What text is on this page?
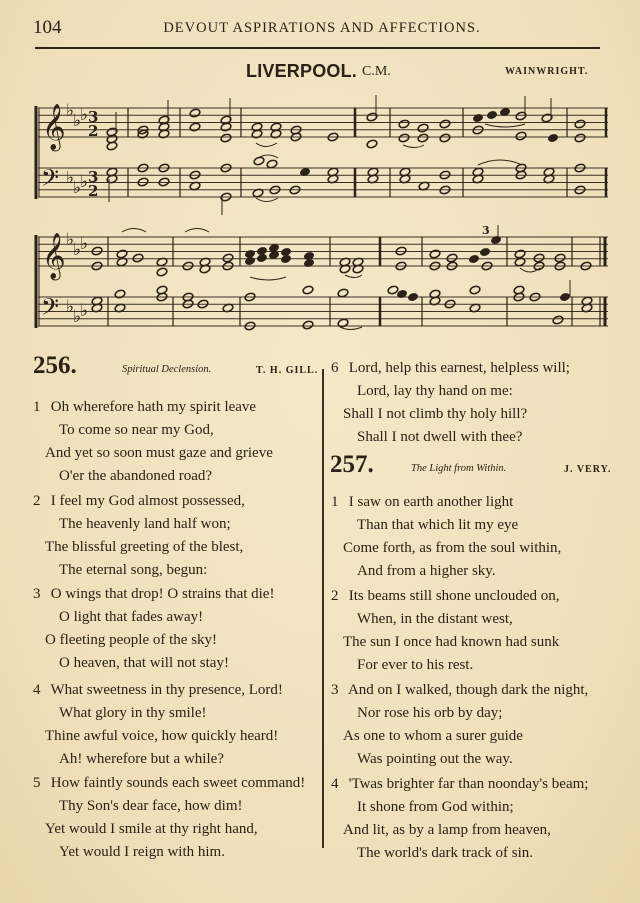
104	DEVOUT ASPIRATIONS AND AFFECTIONS.
LIVERPOOL. C.M.	WAINWRIGHT.
𝄞
𝄢
𝄞
𝄢
♭
♭
♭
♭
♭
♭
♭
♭
♭
♭
♭
♭
3
2
3
2
3
256.	Spiritual Declension.	T. H. GILL.
1 Oh wherefore hath my spirit leave
To come so near my God,
And yet so soon must gaze and grieve
O'er the abandoned road?
2 I feel my God almost possessed,
The heavenly land half won;
The blissful greeting of the blest,
The eternal song, begun:
3 O wings that drop! O strains that die!
O light that fades away!
O fleeting people of the sky!
O heaven, that will not stay!
4 What sweetness in thy presence, Lord!
What glory in thy smile!
Thine awful voice, how quickly heard!
Ah! wherefore but a while?
5 How faintly sounds each sweet command!
Thy Son's dear face, how dim!
Yet would I smile at thy right hand,
Yet would I reign with him.
6 Lord, help this earnest, helpless will;
Lord, lay thy hand on me:
Shall I not climb thy holy hill?
Shall I not dwell with thee?
257.	The Light from Within.	J. VERY.
1 I saw on earth another light
Than that which lit my eye
Come forth, as from the soul within,
And from a higher sky.
2 Its beams still shone unclouded on,
When, in the distant west,
The sun I once had known had sunk
For ever to his rest.
3 And on I walked, though dark the night,
Nor rose his orb by day;
As one to whom a surer guide
Was pointing out the way.
4 'Twas brighter far than noonday's beam;
It shone from God within;
And lit, as by a lamp from heaven,
The world's dark track of sin.
